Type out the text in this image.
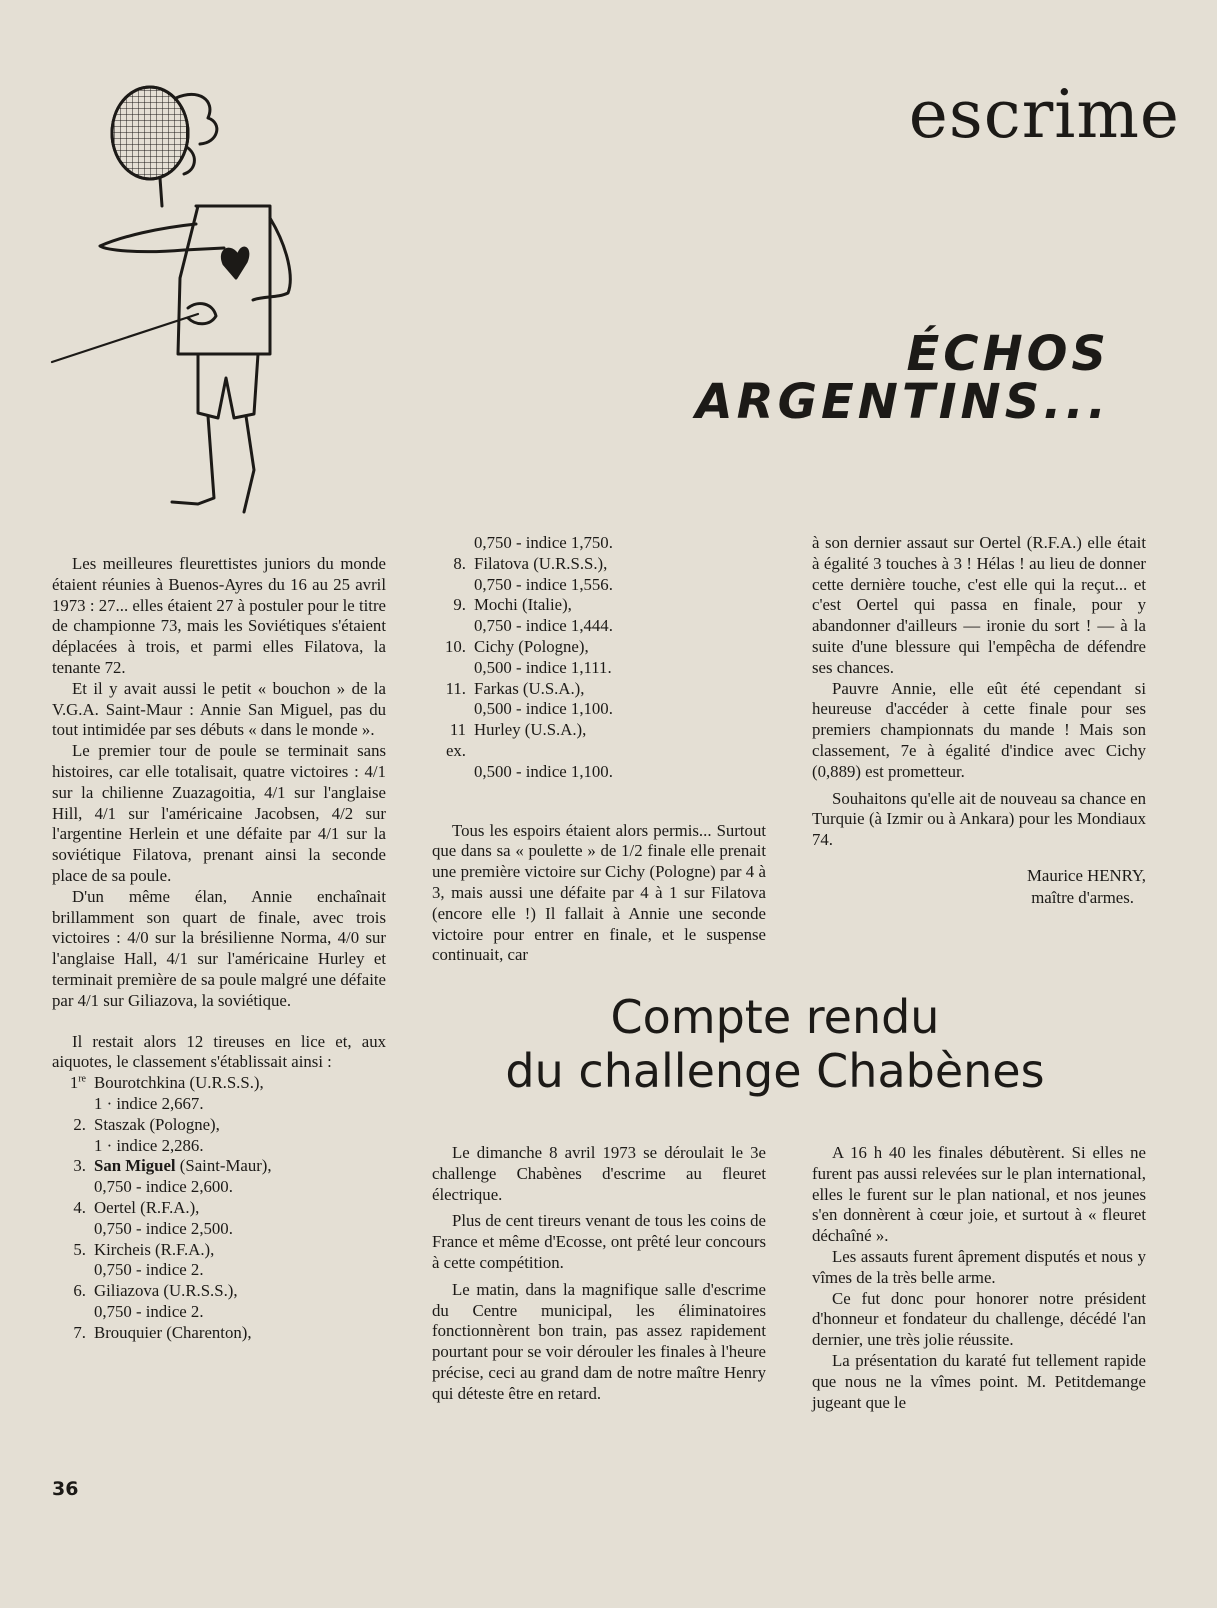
escrime
ÉCHOS ARGENTINS...

Les meilleures fleurettistes juniors du monde étaient réunies à Buenos-Ayres du 16 au 25 avril 1973 : 27... elles étaient 27 à postuler pour le titre de championne 73, mais les Soviétiques s'étaient déplacées à trois, et parmi elles Filatova, la tenante 72.

Et il y avait aussi le petit « bouchon » de la V.G.A. Saint-Maur : Annie San Miguel, pas du tout intimidée par ses débuts « dans le monde ».

Le premier tour de poule se terminait sans histoires, car elle totalisait, quatre victoires : 4/1 sur la chilienne Zuazagoitia, 4/1 sur l'anglaise Hill, 4/1 sur l'américaine Jacobsen, 4/2 sur l'argentine Herlein et une défaite par 4/1 sur la soviétique Filatova, prenant ainsi la seconde place de sa poule.

D'un même élan, Annie enchaînait brillamment son quart de finale, avec trois victoires : 4/0 sur la brésilienne Norma, 4/0 sur l'anglaise Hall, 4/1 sur l'américaine Hurley et terminait première de sa poule malgré une défaite par 4/1 sur Giliazova, la soviétique.

Il restait alors 12 tireuses en lice et, aux aiquotes, le classement s'établissait ainsi :

1re Bourotchkina (U.R.S.S.),

1 · indice 2,667.

2. Staszak (Pologne),

1 · indice 2,286.

3. San Miguel (Saint-Maur),

0,750 - indice 2,600.

4. Oertel (R.F.A.),

0,750 - indice 2,500.

5. Kircheis (R.F.A.),

0,750 - indice 2.

6. Giliazova (U.R.S.S.),

0,750 - indice 2.

7. Brouquier (Charenton),

0,750 - indice 1,750.

8. Filatova (U.R.S.S.),

0,750 - indice 1,556.

9. Mochi (Italie),

0,750 - indice 1,444.

10. Cichy (Pologne),

0,500 - indice 1,111.

11. Farkas (U.S.A.),

0,500 - indice 1,100.

11 ex.
Hurley (U.S.A.),

0,500 - indice 1,100.

Tous les espoirs étaient alors permis... Surtout que dans sa « poulette » de 1/2 finale elle prenait une première victoire sur Cichy (Pologne) par 4 à 3, mais aussi une défaite par 4 à 1 sur Filatova (encore elle !) Il fallait à Annie une seconde victoire pour entrer en finale, et le suspense continuait, car

à son dernier assaut sur Oertel (R.F.A.) elle était à égalité 3 touches à 3 ! Hélas ! au lieu de donner cette dernière touche, c'est elle qui la reçut... et c'est Oertel qui passa en finale, pour y abandonner d'ailleurs — ironie du sort ! — à la suite d'une blessure qui l'empêcha de défendre ses chances.

Pauvre Annie, elle eût été cependant si heureuse d'accéder à cette finale pour ses premiers championnats du mande ! Mais son classement, 7e à égalité d'indice avec Cichy (0,889) est prometteur.

Souhaitons qu'elle ait de nouveau sa chance en Turquie (à Izmir ou à Ankara) pour les Mondiaux 74.

Maurice HENRY,
maître d'armes.
Compte rendu
du challenge Chabènes

Le dimanche 8 avril 1973 se déroulait le 3e challenge Chabènes d'escrime au fleuret électrique.

Plus de cent tireurs venant de tous les coins de France et même d'Ecosse, ont prêté leur concours à cette compétition.

Le matin, dans la magnifique salle d'escrime du Centre municipal, les éliminatoires fonctionnèrent bon train, pas assez rapidement pourtant pour se voir dérouler les finales à l'heure précise, ceci au grand dam de notre maître Henry qui déteste être en retard.

A 16 h 40 les finales débutèrent. Si elles ne furent pas aussi relevées sur le plan international, elles le furent sur le plan national, et nos jeunes s'en donnèrent à cœur joie, et surtout à « fleuret déchaîné ».

Les assauts furent âprement disputés et nous y vîmes de la très belle arme.

Ce fut donc pour honorer notre président d'honneur et fondateur du challenge, décédé l'an dernier, une très jolie réussite.

La présentation du karaté fut tellement rapide que nous ne la vîmes point. M. Petitdemange jugeant que le

36
